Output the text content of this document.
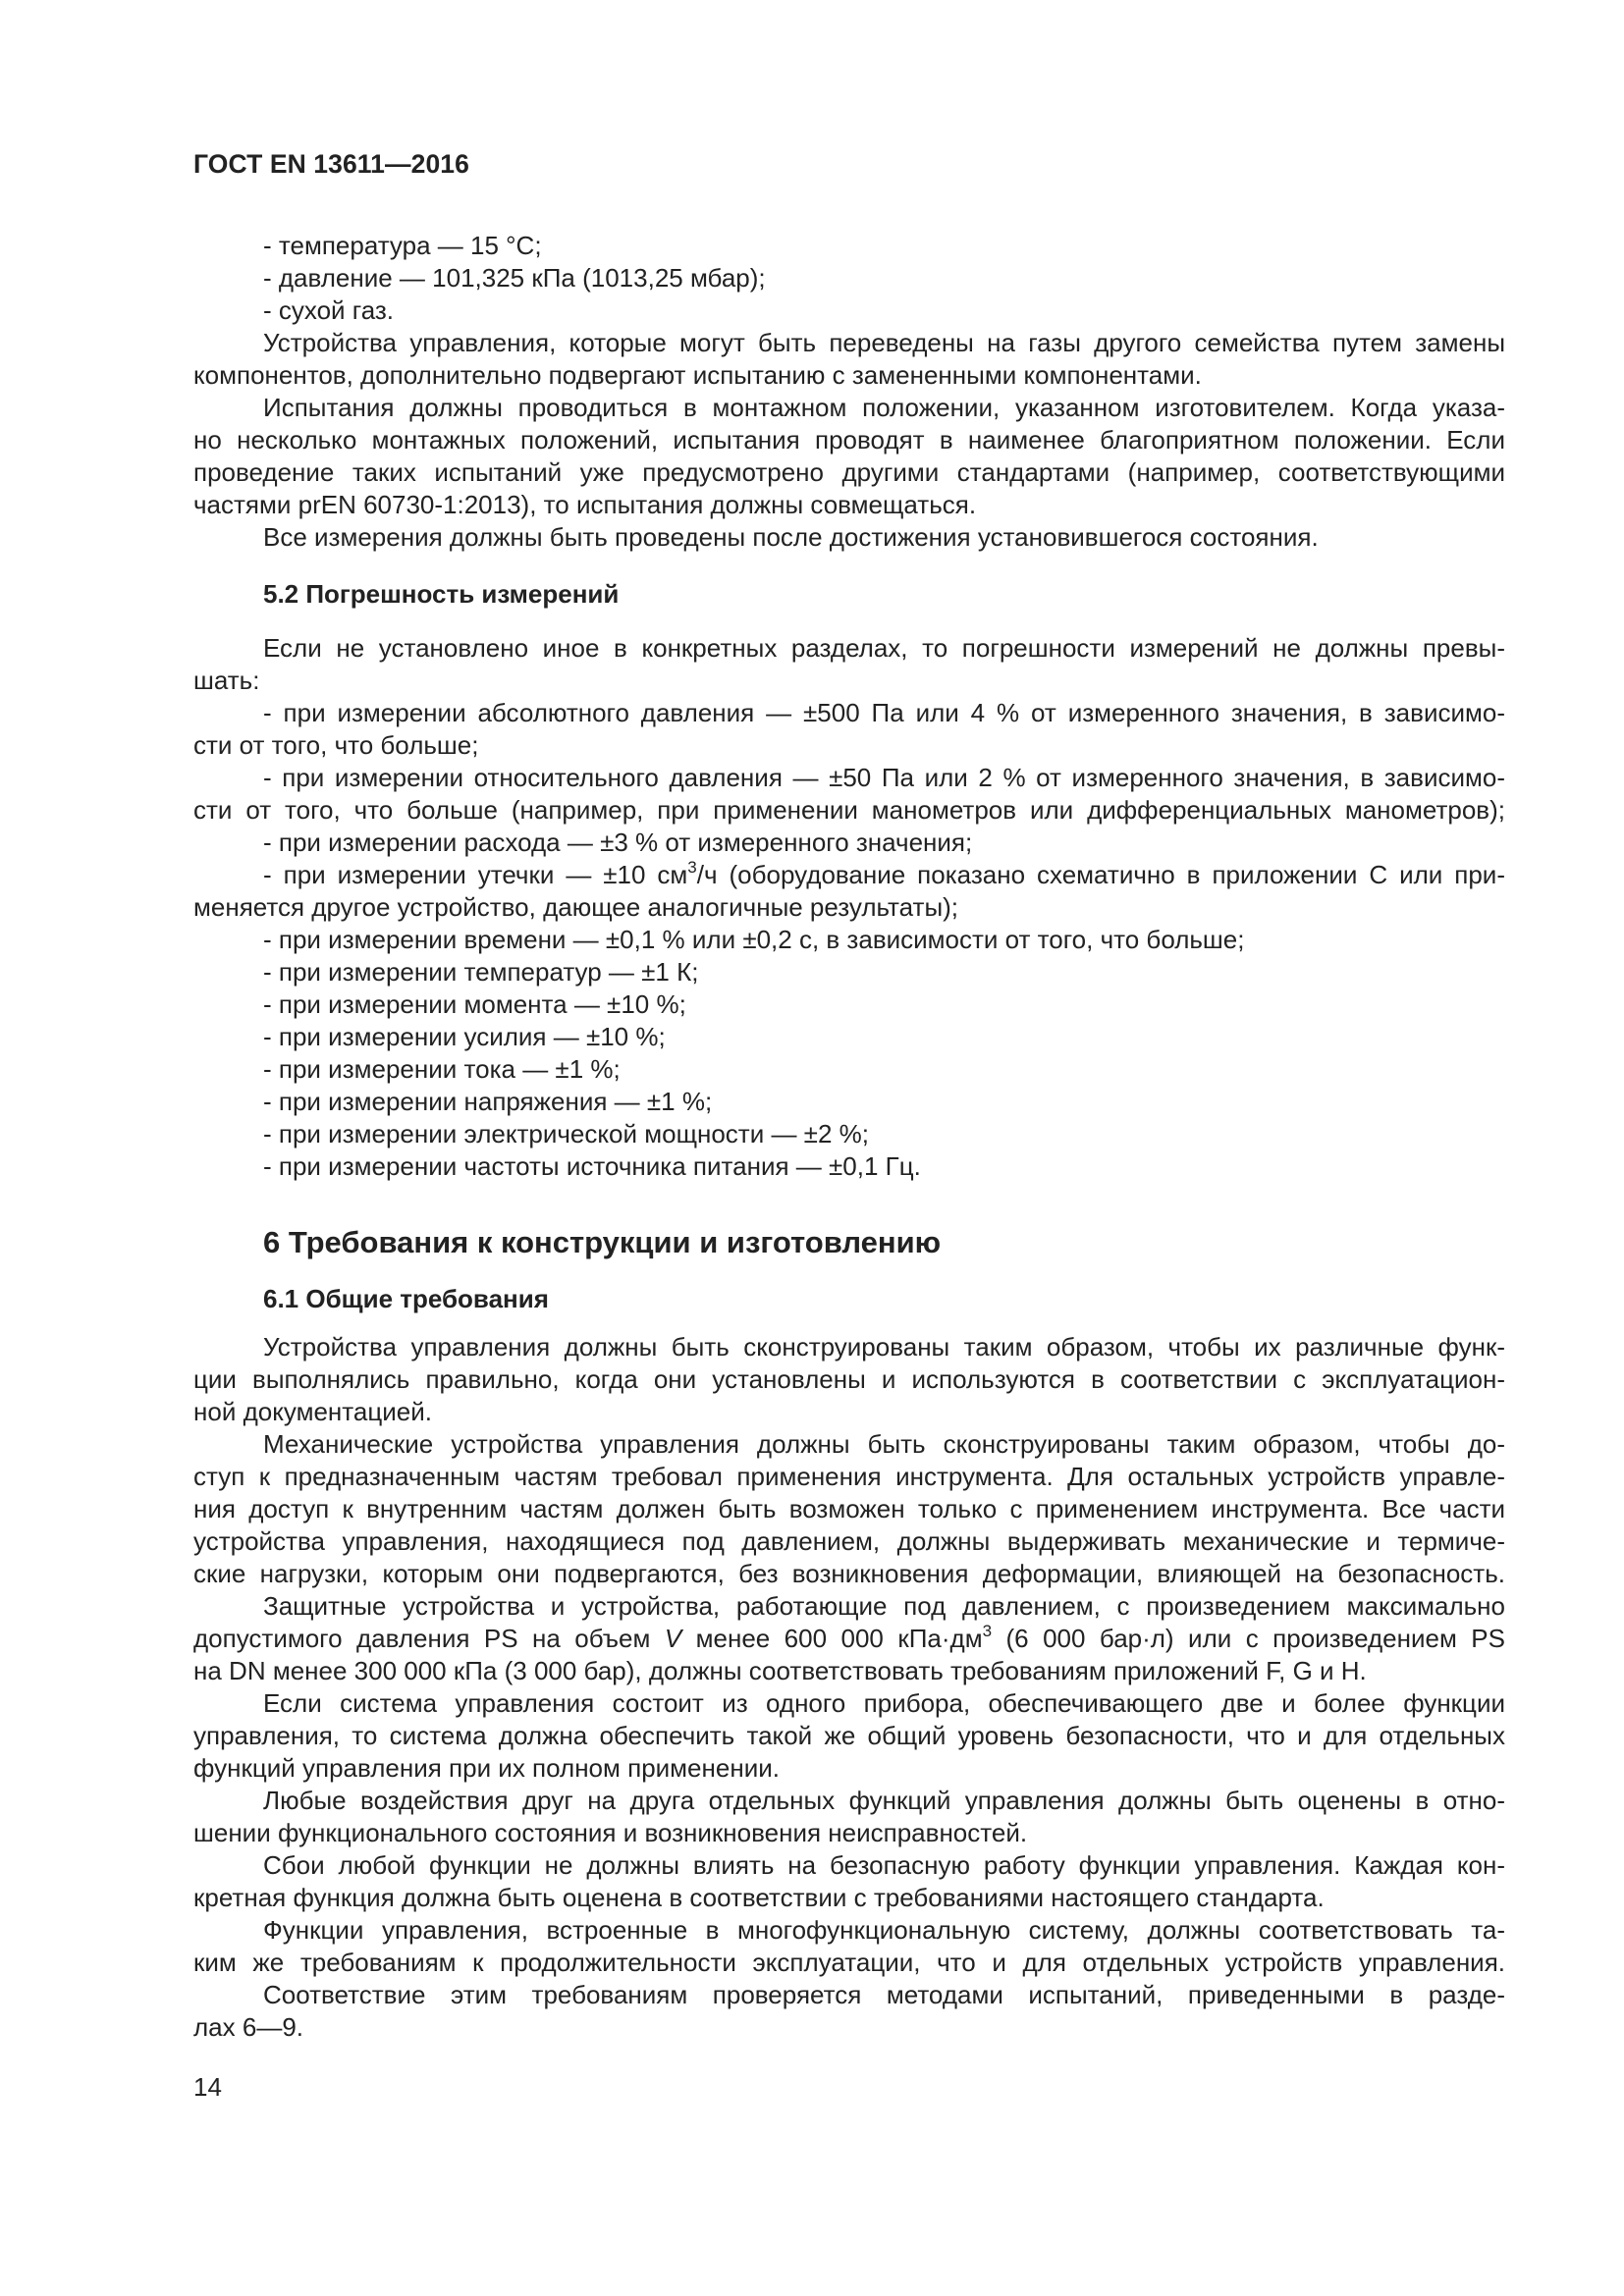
ГОСТ EN 13611—2016
- температура — 15 °С;
- давление — 101,325 кПа (1013,25 мбар);
- сухой газ.
Устройства управления, которые могут быть переведены на газы другого семейства путем замены
компонентов, дополнительно подвергают испытанию с замененными компонентами.
Испытания должны проводиться в монтажном положении, указанном изготовителем. Когда указа-
но несколько монтажных положений, испытания проводят в наименее благоприятном положении. Если
проведение таких испытаний уже предусмотрено другими стандартами (например, соответствующими
частями prEN 60730-1:2013), то испытания должны совмещаться.
Все измерения должны быть проведены после достижения установившегося состояния.
5.2 Погрешность измерений
Если не установлено иное в конкретных разделах, то погрешности измерений не должны превы-
шать:
- при измерении абсолютного давления — ±500 Па или 4 % от измеренного значения, в зависимо-
сти от того, что больше;
- при измерении относительного давления — ±50 Па или 2 % от измеренного значения, в зависимо-
сти от того, что больше (например, при применении манометров или дифференциальных манометров);
- при измерении расхода — ±3 % от измеренного значения;
- при измерении утечки — ±10 $см^3/ч$ (оборудование показано схематично в приложении С или при-
меняется другое устройство, дающее аналогичные результаты);
- при измерении времени — ±0,1 % или ±0,2 с, в зависимости от того, что больше;
- при измерении температур — ±1 К;
- при измерении момента — ±10 %;
- при измерении усилия — ±10 %;
- при измерении тока — ±1 %;
- при измерении напряжения — ±1 %;
- при измерении электрической мощности — ±2 %;
- при измерении частоты источника питания — ±0,1 Гц.
6 Требования к конструкции и изготовлению
6.1 Общие требования
Устройства управления должны быть сконструированы таким образом, чтобы их различные функ-
ции выполнялись правильно, когда они установлены и используются в соответствии с эксплуатацион-
ной документацией.
Механические устройства управления должны быть сконструированы таким образом, чтобы до-
ступ к предназначенным частям требовал применения инструмента. Для остальных устройств управле-
ния доступ к внутренним частям должен быть возможен только с применением инструмента. Все части
устройства управления, находящиеся под давлением, должны выдерживать механические и термиче-
ские нагрузки, которым они подвергаются, без возникновения деформации, влияющей на безопасность.
Защитные устройства и устройства, работающие под давлением, с произведением максимально
допустимого давления PS на объем V менее 600 000 $кПа\cdot дм^3$ (6 000 бар·л) или с произведением PS
на DN менее 300 000 кПа (3 000 бар), должны соответствовать требованиям приложений F, G и H.
Если система управления состоит из одного прибора, обеспечивающего две и более функции
управления, то система должна обеспечить такой же общий уровень безопасности, что и для отдельных
функций управления при их полном применении.
Любые воздействия друг на друга отдельных функций управления должны быть оценены в отно-
шении функционального состояния и возникновения неисправностей.
Сбои любой функции не должны влиять на безопасную работу функции управления. Каждая кон-
кретная функция должна быть оценена в соответствии с требованиями настоящего стандарта.
Функции управления, встроенные в многофункциональную систему, должны соответствовать та-
ким же требованиям к продолжительности эксплуатации, что и для отдельных устройств управления.
Соответствие этим требованиям проверяется методами испытаний, приведенными в разде-
лах 6—9.
14
